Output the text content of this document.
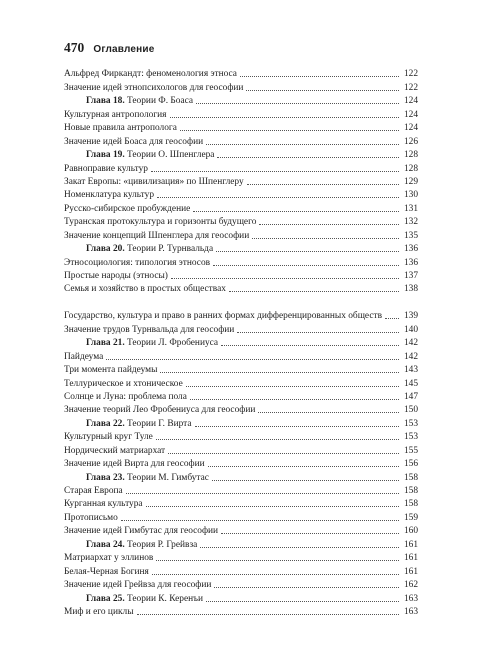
470 Оглавление
Альфред Фиркандт: феноменология этноса	122
Значение идей этнопсихологов для геософии	122
Глава 18. Теории Ф. Боаса	124
Культурная антропология	124
Новые правила антрополога	124
Значение идей Боаса для геософии	126
Глава 19. Теории О. Шпенглера	128
Равноправие культур	128
Закат Европы: «цивилизация» по Шпенглеру	129
Номенклатура культур	130
Русско-сибирское пробуждение	131
Туранская протокультура и горизонты будущего	132
Значение концепций Шпенглера для геософии	135
Глава 20. Теории Р. Турнвальда	136
Этносоциология: типология этносов	136
Простые народы (этносы)	137
Семья и хозяйство в простых обществах	138
Государство, культура и право в ранних формах дифференцированных обществ 139
Значение трудов Турнвальда для геософии	140
Глава 21. Теории Л. Фробениуса	142
Пайдеума	142
Три момента пайдеумы	143
Теллурическое и хтоническое	145
Солнце и Луна: проблема пола	147
Значение теорий Лео Фробениуса для геософии	150
Глава 22. Теории Г. Вирта	153
Культурный круг Туле	153
Нордический матриархат	155
Значение идей Вирта для геософии	156
Глава 23. Теории М. Гимбутас	158
Старая Европа	158
Курганная культура	158
Протописьмо	159
Значение идей Гимбутас для геософии	160
Глава 24. Теория Р. Грейвза	161
Матриархат у эллинов	161
Белая-Черная Богиня	161
Значение идей Грейвза для геософии	162
Глава 25. Теории К. Керенъи	163
Миф и его циклы	163
